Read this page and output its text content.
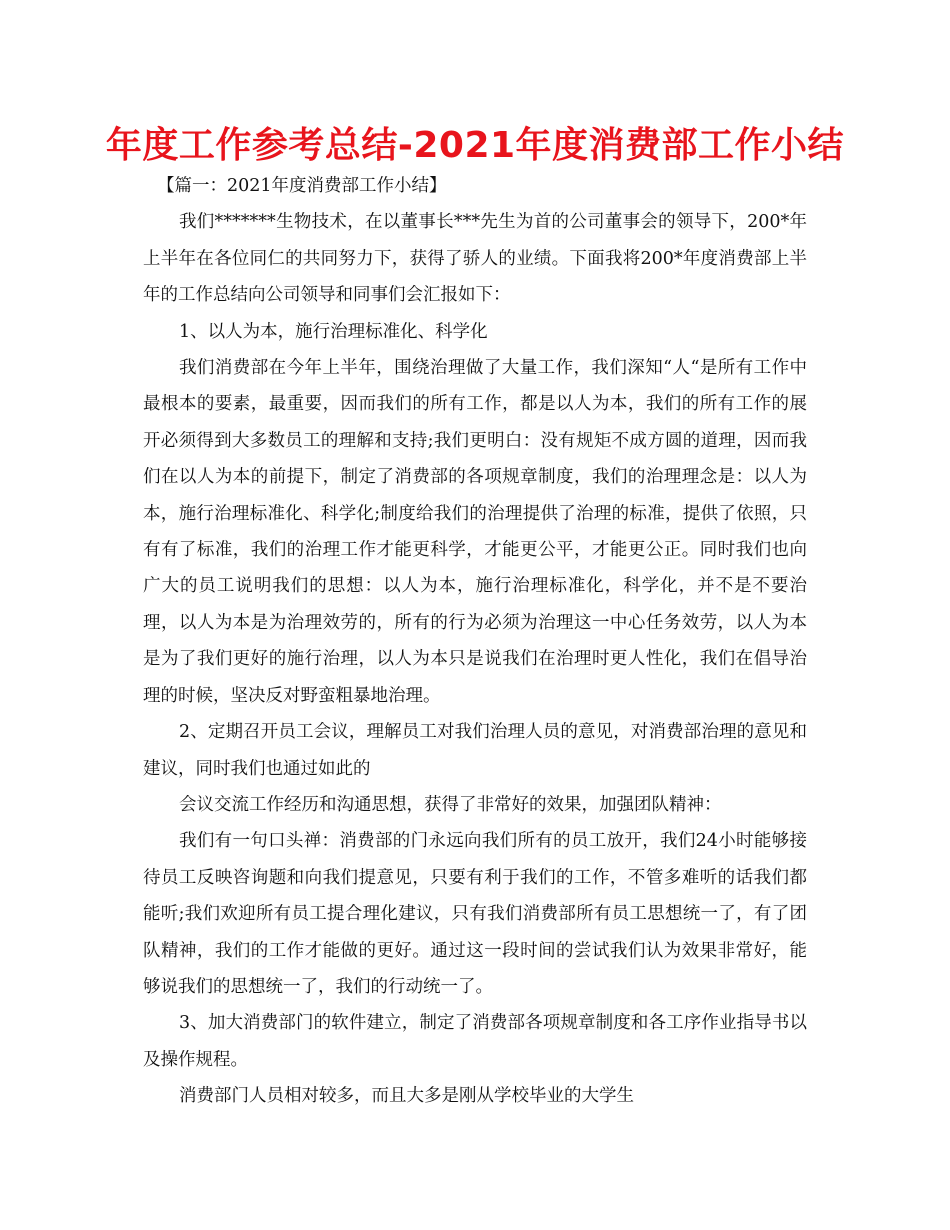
年度工作参考总结-2021年度消费部工作小结

【篇一：2021年度消费部工作小结】

我们*******生物技术，在以董事长***先生为首的公司董事会的领导下，200*年上半年在各位同仁的共同努力下，获得了骄人的业绩。下面我将200*年度消费部上半年的工作总结向公司领导和同事们会汇报如下：

1、以人为本，施行治理标准化、科学化

我们消费部在今年上半年，围绕治理做了大量工作，我们深知“人“是所有工作中最根本的要素，最重要，因而我们的所有工作，都是以人为本，我们的所有工作的展开必须得到大多数员工的理解和支持;我们更明白：没有规矩不成方圆的道理，因而我们在以人为本的前提下，制定了消费部的各项规章制度，我们的治理理念是：以人为本，施行治理标准化、科学化;制度给我们的治理提供了治理的标准，提供了依照，只有有了标准，我们的治理工作才能更科学，才能更公平，才能更公正。同时我们也向广大的员工说明我们的思想：以人为本，施行治理标准化，科学化，并不是不要治理，以人为本是为治理效劳的，所有的行为必须为治理这一中心任务效劳，以人为本是为了我们更好的施行治理，以人为本只是说我们在治理时更人性化，我们在倡导治理的时候，坚决反对野蛮粗暴地治理。

2、定期召开员工会议，理解员工对我们治理人员的意见，对消费部治理的意见和建议，同时我们也通过如此的

会议交流工作经历和沟通思想，获得了非常好的效果，加强团队精神：

我们有一句口头禅：消费部的门永远向我们所有的员工放开，我们24小时能够接待员工反映咨询题和向我们提意见，只要有利于我们的工作，不管多难听的话我们都能听;我们欢迎所有员工提合理化建议，只有我们消费部所有员工思想统一了，有了团队精神，我们的工作才能做的更好。通过这一段时间的尝试我们认为效果非常好，能够说我们的思想统一了，我们的行动统一了。

3、加大消费部门的软件建立，制定了消费部各项规章制度和各工序作业指导书以及操作规程。

消费部门人员相对较多，而且大多是刚从学校毕业的大学生
